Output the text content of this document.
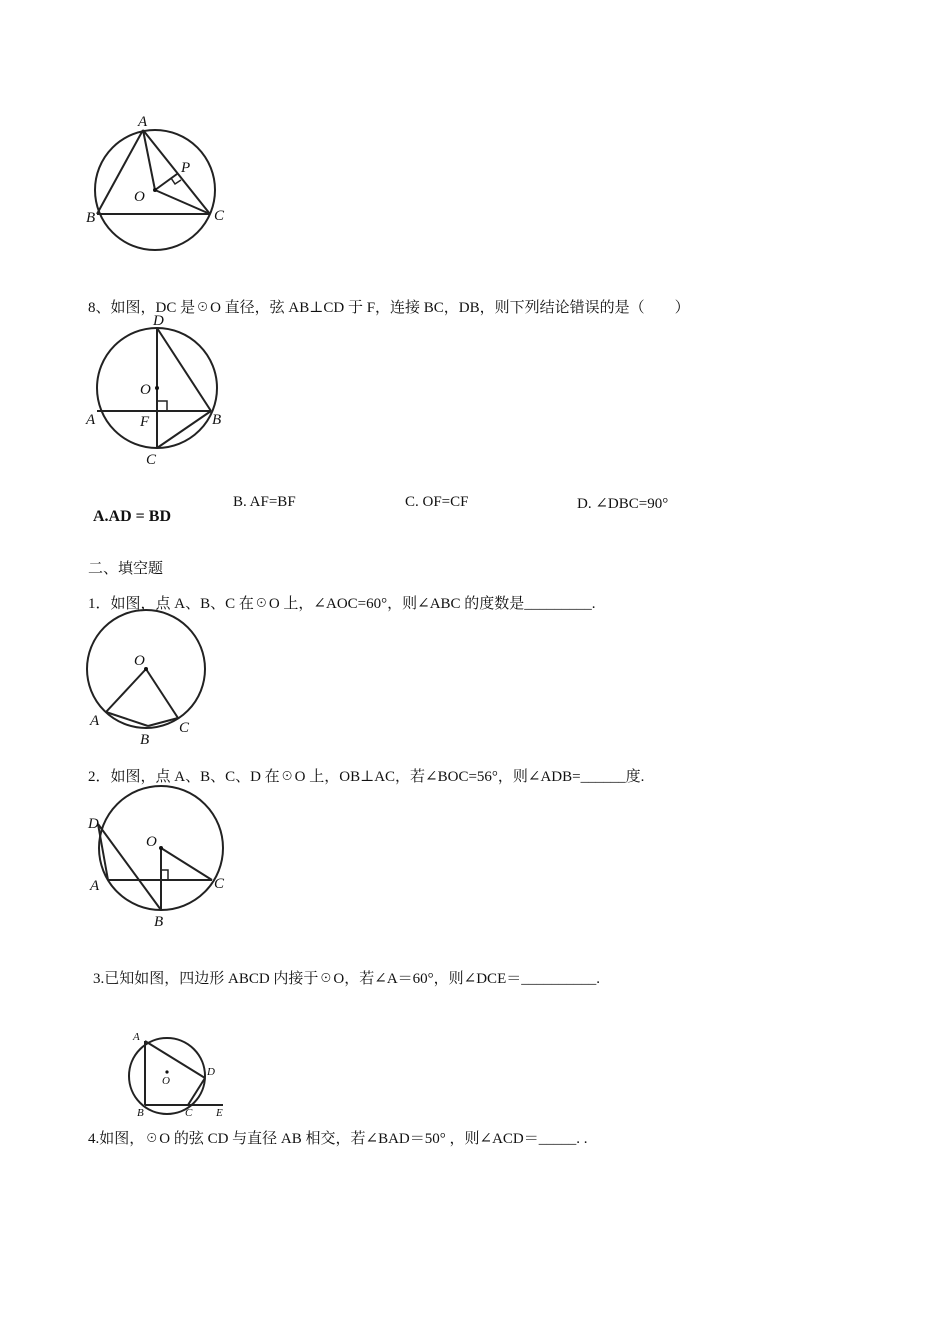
A
B	C
O
P
8、如图，DC 是☉O 直径，弦 AB⊥CD 于 F，连接 BC，DB，则下列结论错误的是（　　）
D
O
A	F	B
C
A.AD = BD
B. AF=BF	C. OF=CF	D. ∠DBC=90°
二、填空题
1．如图，点 A、B、C 在☉O 上，∠AOC=60°，则∠ABC 的度数是_________.
O
A
B
C
2．如图，点 A、B、C、D 在☉O 上，OB⊥AC，若∠BOC=56°，则∠ADB=______度.
D
O
A	C
B
3.已知如图，四边形 ABCD 内接于☉O，若∠A＝60°，则∠DCE＝__________.
A
O
D
B	C E
4.如图，☉O 的弦 CD 与直径 AB 相交，若∠BAD＝50° ，则∠ACD＝_____. .
